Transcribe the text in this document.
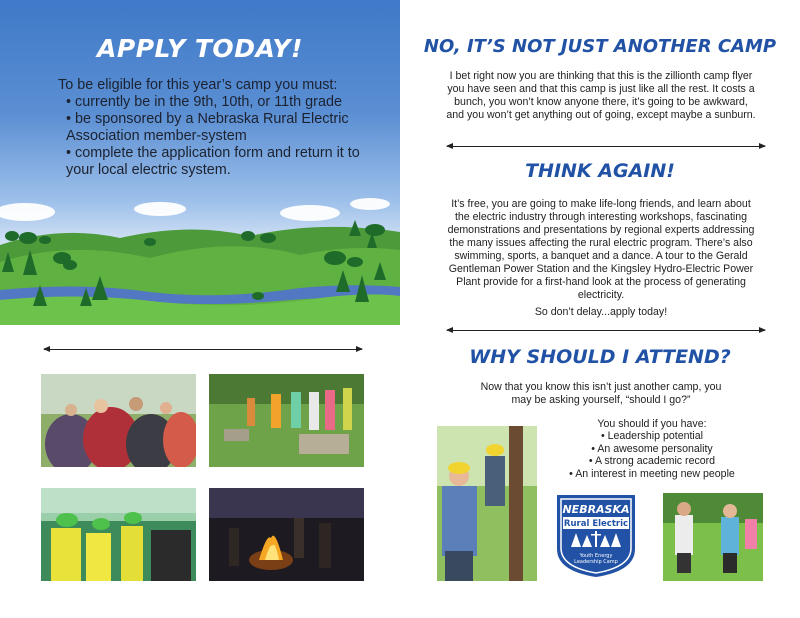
APPLY TODAY!

To be eligible for this year’s camp you must:

• currently be in the 9th, 10th, or 11th grade
• be sponsored by a Nebraska Rural Electric Association member-system
• complete the application form and return it to your local electric system.
NO, IT’S NOT JUST ANOTHER CAMP

I bet right now you are thinking that this is the zillionth camp flyer you have seen and that this camp is just like all the rest. It costs a bunch, you won’t know anyone there, it’s going to be awkward, and you won’t get anything out of going, except maybe a sunburn.

THINK AGAIN!

It’s free, you are going to make life-long friends, and learn about the electric industry through interesting workshops, fascinating demonstrations and presentations by regional experts addressing the many issues affecting the rural electric program. There’s also swimming, sports, a banquet and a dance. A tour to the Gerald Gentleman Power Station and the Kingsley Hydro-Electric Power Plant provide for a first-hand look at the process of generating electricity.

So don’t delay...apply today!

WHY SHOULD I ATTEND?

Now that you know this isn’t just another camp, you may be asking yourself, “should I go?”

You should if you have:

• Leadership potential
• An awesome personality
• A strong academic record
• An interest in meeting new people
NEBRASKA
Rural Electric
Youth Energy
Leadership Camp
